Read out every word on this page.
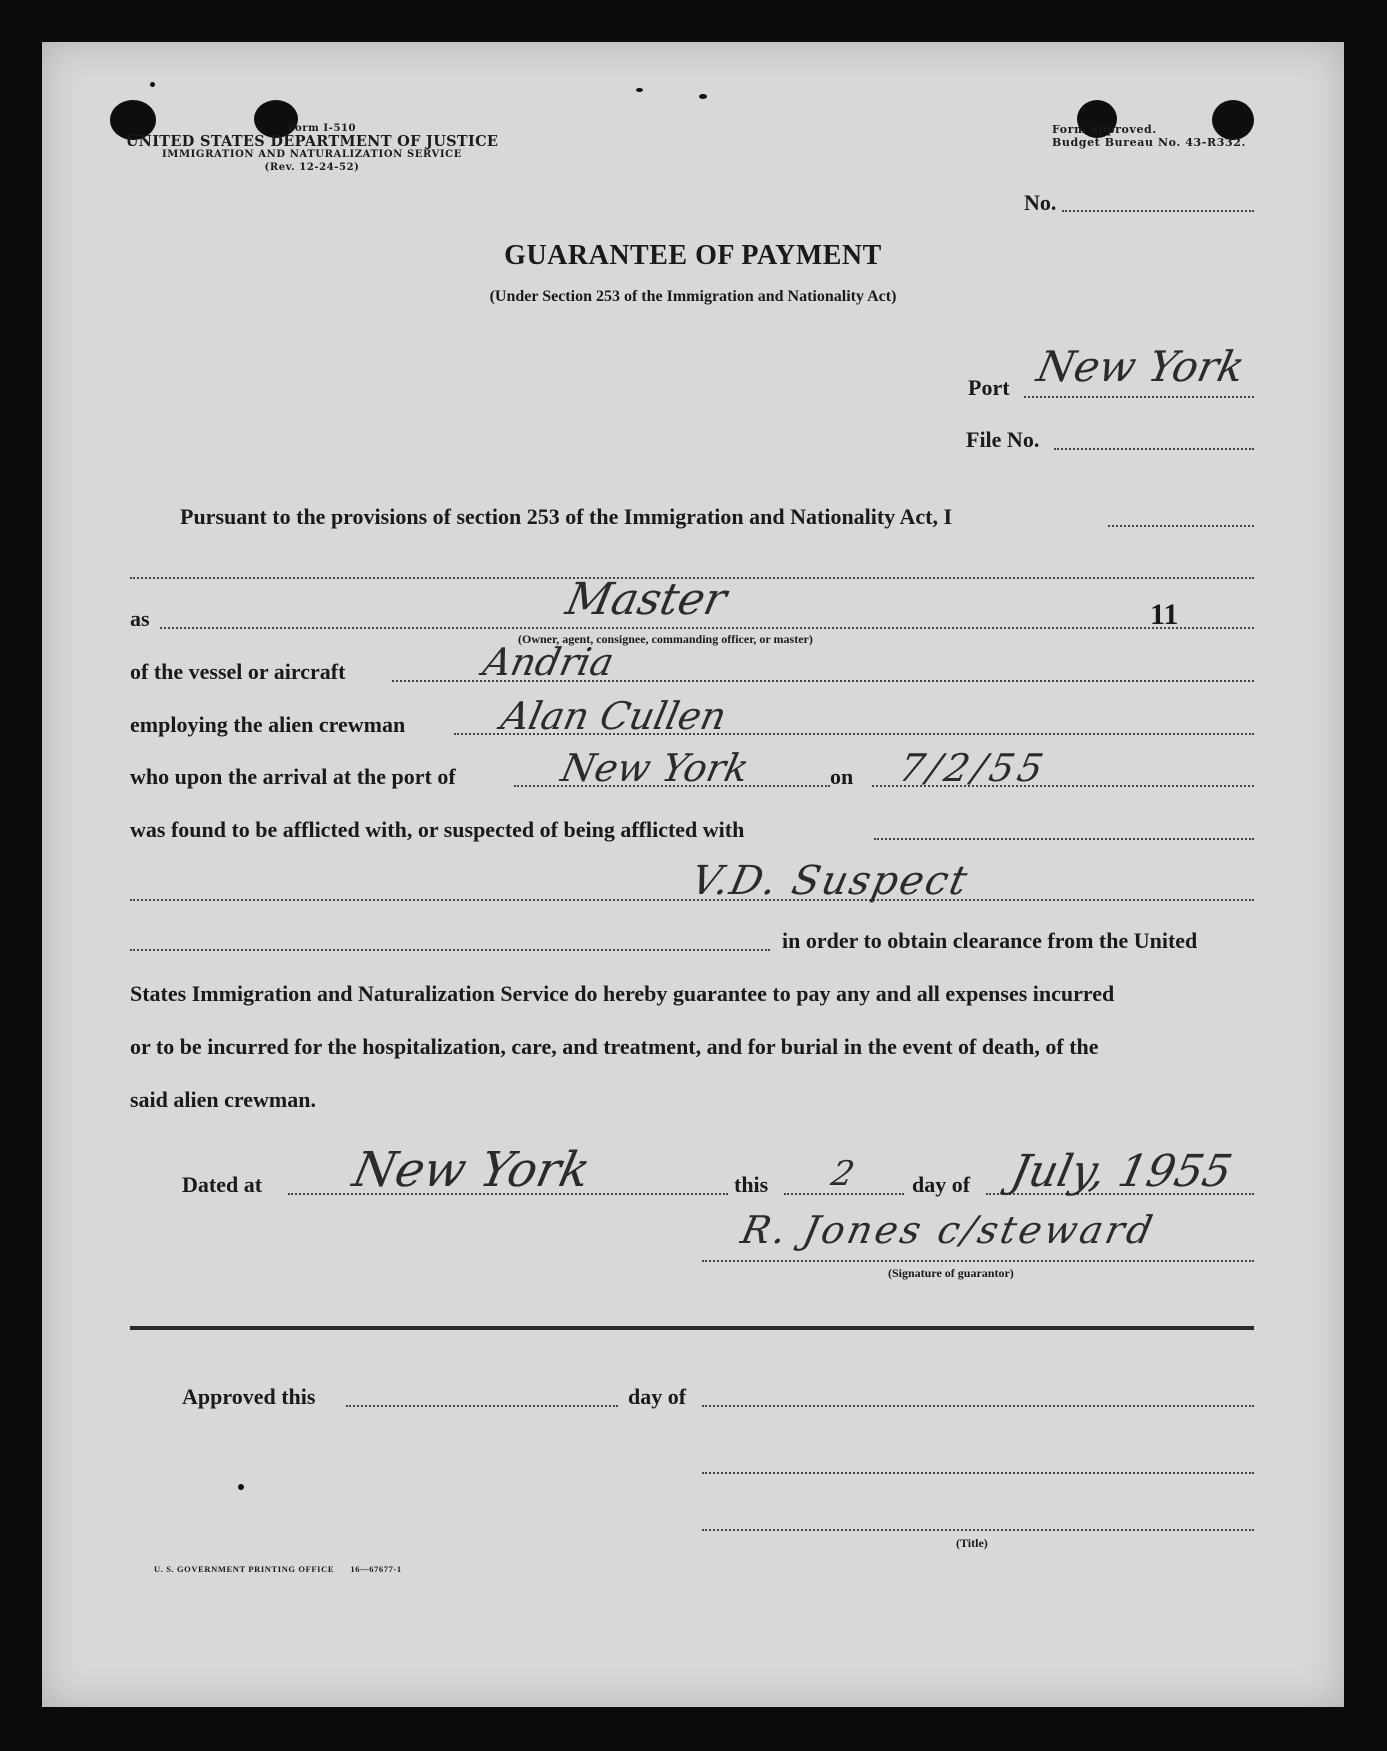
Form I-510
UNITED STATES DEPARTMENT OF JUSTICE
IMMIGRATION AND NATURALIZATION SERVICE
(Rev. 12-24-52)
Form approved.
Budget Bureau No. 43-R332.
No.
GUARANTEE OF PAYMENT
(Under Section 253 of the Immigration and Nationality Act)
Port New York
File No.
Pursuant to the provisions of section 253 of the Immigration and Nationality Act, I
as	Master
(Owner, agent, consignee, commanding officer, or master)
11
of the vessel or aircraft	Andria
employing the alien crewman Alan Cullen
who upon the arrival at the port of	New York	on 7/2/55
was found to be afflicted with, or suspected of being afflicted with
V.D. Suspect
in order to obtain clearance from the United
States Immigration and Naturalization Service do hereby guarantee to pay any and all expenses incurred
or to be incurred for the hospitalization, care, and treatment, and for burial in the event of death, of the
said alien crewman.
Dated at New York	this 2 day of July, 1955
R. Jones c/steward
(Signature of guarantor)
Approved this	day of
(Title)
U. S. GOVERNMENT PRINTING OFFICE      16—67677-1
